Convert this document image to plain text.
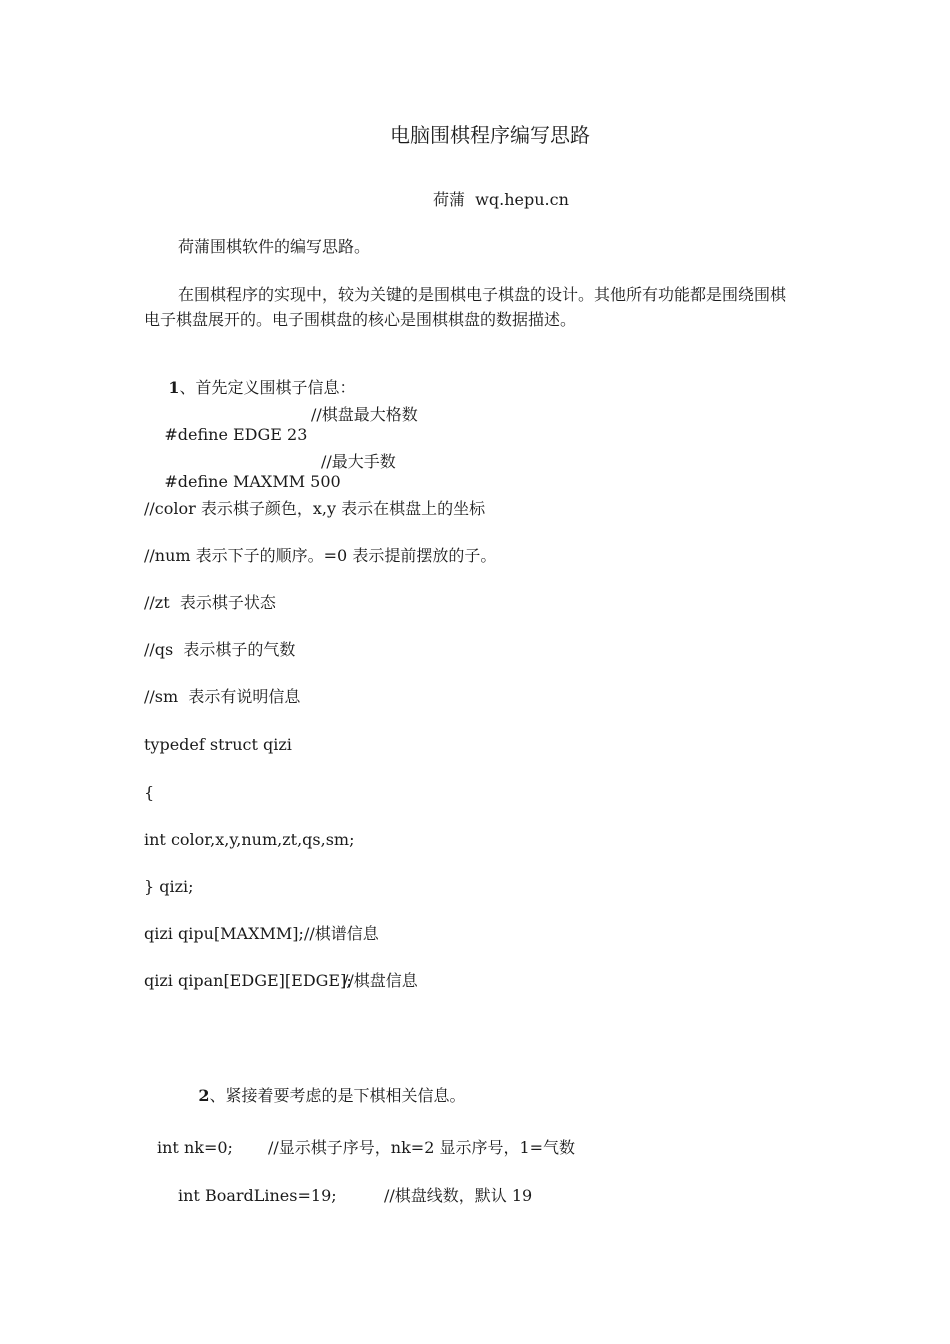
电脑围棋程序编写思路
荷蒲  wq.hepu.cn
荷蒲围棋软件的编写思路。
在围棋程序的实现中，较为关键的是围棋电子棋盘的设计。其他所有功能都是围绕围棋
电子棋盘展开的。电子围棋盘的核心是围棋棋盘的数据描述。

1、首先定义围棋子信息：

#define EDGE 23

//棋盘最大格数

#define MAXMM 500

//最大手数
//color 表示棋子颜色，x,y 表示在棋盘上的坐标
//num 表示下子的顺序。=0 表示提前摆放的子。
//zt  表示棋子状态
//qs  表示棋子的气数
//sm  表示有说明信息
typedef struct qizi
{
int color,x,y,num,zt,qs,sm;
} qizi;
qizi qipu[MAXMM]; //棋谱信息
qizi qipan[EDGE][EDGE];
//棋盘信息

2、紧接着要考虑的是下棋相关信息。

int nk=0; //显示棋子序号，nk=2 显示序号，1=气数
int BoardLines=19;	//棋盘线数，默认 19
